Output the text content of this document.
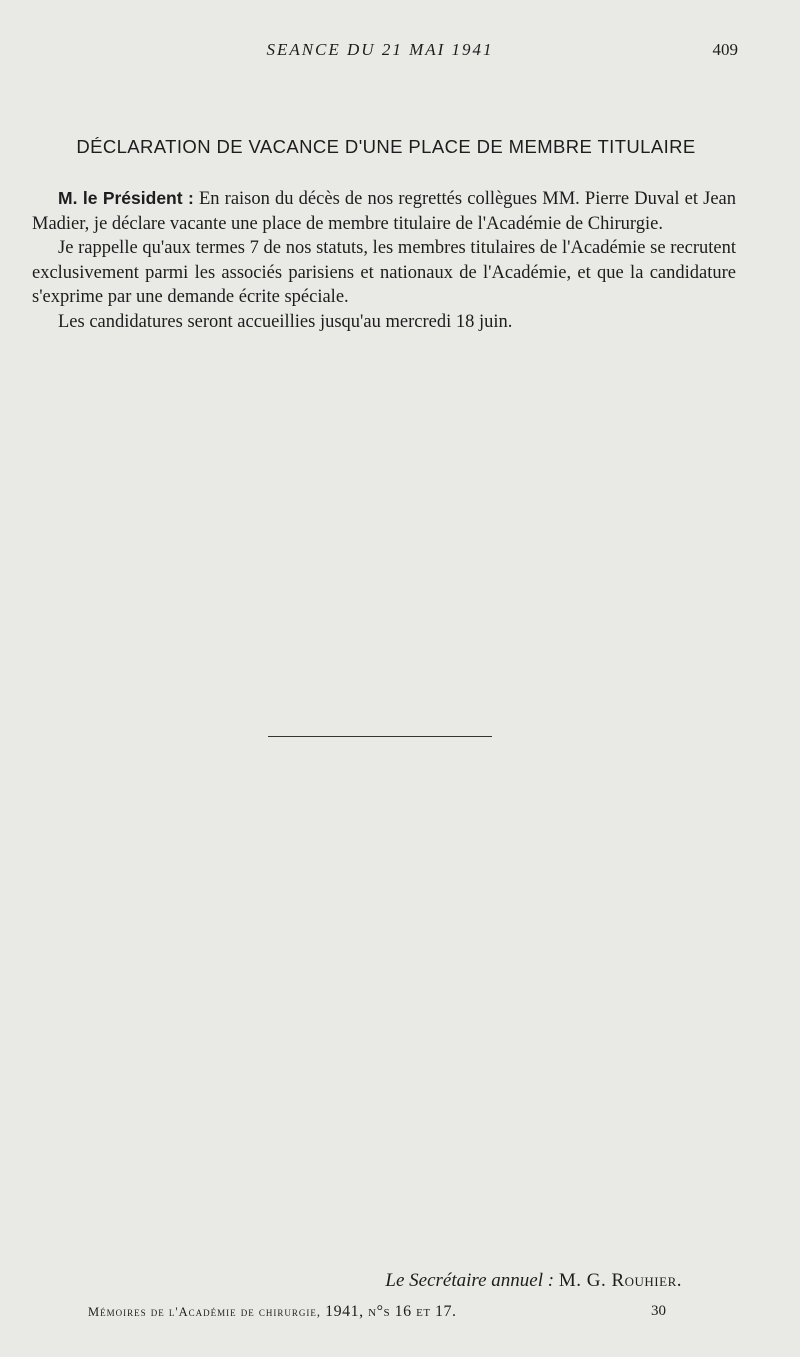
SEANCE DU 21 MAI 1941	409
DÉCLARATION DE VACANCE D'UNE PLACE DE MEMBRE TITULAIRE

M. le Président : En raison du décès de nos regrettés collègues MM. Pierre Duval et Jean Madier, je déclare vacante une place de membre titulaire de l'Académie de Chirurgie.

Je rappelle qu'aux termes 7 de nos statuts, les membres titulaires de l'Académie se recrutent exclusivement parmi les associés parisiens et nationaux de l'Académie, et que la candidature s'exprime par une demande écrite spéciale.

Les candidatures seront accueillies jusqu'au mercredi 18 juin.

Le Secrétaire annuel : M. G. Rouhier.
Mémoires de l'Académie de chirurgie, 1941, n°s 16 et 17.	30
